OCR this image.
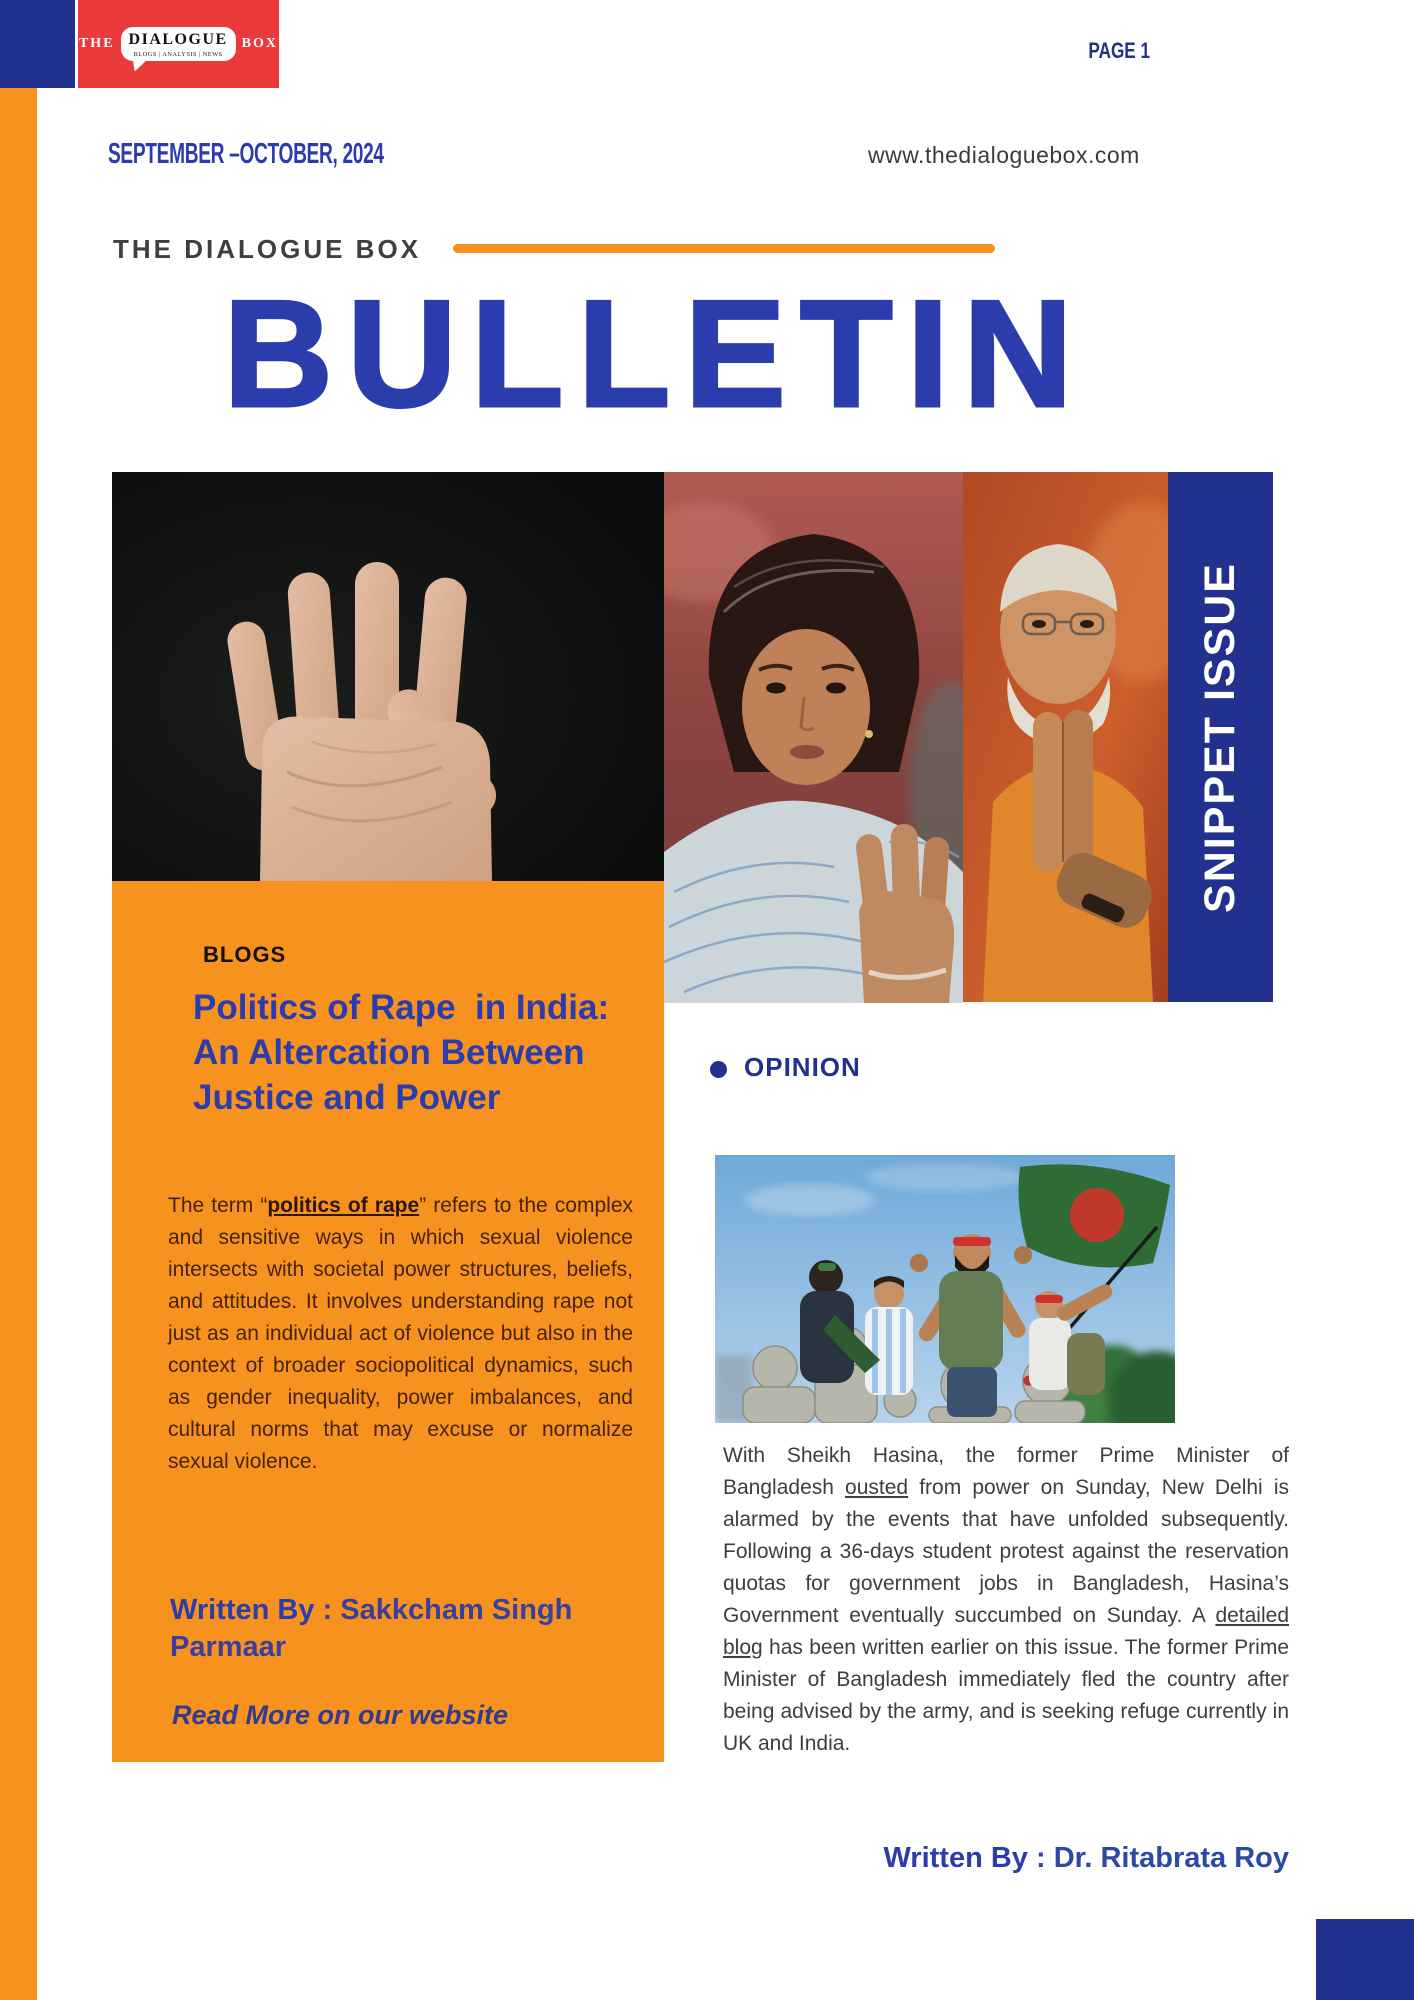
THE DIALOGUE
BLOGS | ANALYSIS | NEWS
BOX	PAGE 1
SEPTEMBER –OCTOBER, 2024	www.thedialoguebox.com
THE DIALOGUE BOX
BULLETIN
SNIPPET ISSUE
BLOGS
Politics of Rape  in India: An Altercation Between Justice and Power
The term “politics of rape” refers to the complex and sensitive ways in which sexual violence intersects with societal power structures, beliefs, and attitudes. It involves understanding rape not just as an individual act of violence but also in the context of broader sociopolitical dynamics, such as gender inequality, power imbalances, and cultural norms that may excuse or normalize sexual violence.
Written By : Sakkcham Singh Parmaar
Read More on our website
OPINION
With Sheikh Hasina, the former Prime Minister of Bangladesh ousted from power on Sunday, New Delhi is alarmed by the events that have unfolded subsequently. Following a 36-days student protest against the reservation quotas for government jobs in Bangladesh, Hasina’s Government eventually succumbed on Sunday. A detailed blog has been written earlier on this issue. The former Prime Minister of Bangladesh immediately fled the country after being advised by the army, and is seeking refuge currently in UK and India.
Written By : Dr. Ritabrata Roy
